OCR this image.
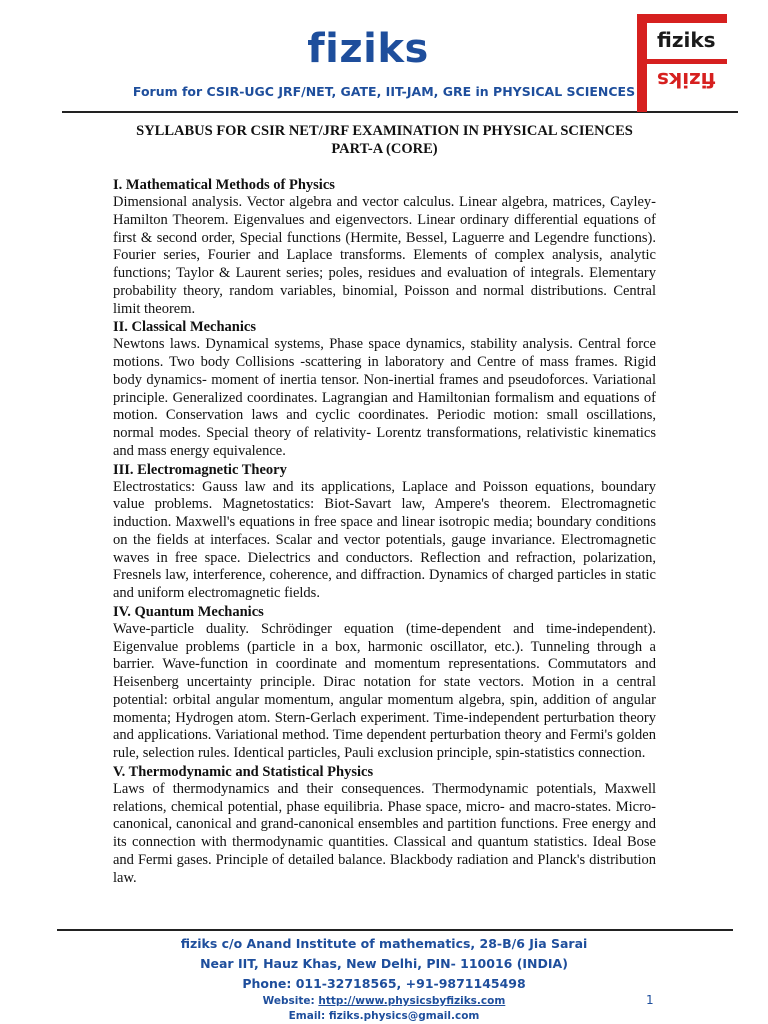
fiziks
Forum for CSIR-UGC JRF/NET, GATE, IIT-JAM, GRE in PHYSICAL SCIENCES
fiziks
fiziks

SYLLABUS FOR CSIR NET/JRF EXAMINATION IN PHYSICAL SCIENCES

PART-A (CORE)

I. Mathematical Methods of Physics

Dimensional analysis. Vector algebra and vector calculus. Linear algebra, matrices, Cayley-Hamilton Theorem. Eigenvalues and eigenvectors. Linear ordinary differential equations of first & second order, Special functions (Hermite, Bessel, Laguerre and Legendre functions). Fourier series, Fourier and Laplace transforms. Elements of complex analysis, analytic functions; Taylor & Laurent series; poles, residues and evaluation of integrals. Elementary probability theory, random variables, binomial, Poisson and normal distributions. Central limit theorem.

II. Classical Mechanics

Newtons laws. Dynamical systems, Phase space dynamics, stability analysis. Central force motions. Two body Collisions -scattering in laboratory and Centre of mass frames. Rigid body dynamics- moment of inertia tensor. Non-inertial frames and pseudoforces. Variational principle. Generalized coordinates. Lagrangian and Hamiltonian formalism and equations of motion. Conservation laws and cyclic coordinates. Periodic motion: small oscillations, normal modes. Special theory of relativity- Lorentz transformations, relativistic kinematics and mass energy equivalence.

III. Electromagnetic Theory

Electrostatics: Gauss law and its applications, Laplace and Poisson equations, boundary value problems. Magnetostatics: Biot-Savart law, Ampere's theorem. Electromagnetic induction. Maxwell's equations in free space and linear isotropic media; boundary conditions on the fields at interfaces. Scalar and vector potentials, gauge invariance. Electromagnetic waves in free space. Dielectrics and conductors. Reflection and refraction, polarization, Fresnels law, interference, coherence, and diffraction. Dynamics of charged particles in static and uniform electromagnetic fields.

IV. Quantum Mechanics

Wave-particle duality. Schrödinger equation (time-dependent and time-independent). Eigenvalue problems (particle in a box, harmonic oscillator, etc.). Tunneling through a barrier. Wave-function in coordinate and momentum representations. Commutators and Heisenberg uncertainty principle. Dirac notation for state vectors. Motion in a central potential: orbital angular momentum, angular momentum algebra, spin, addition of angular momenta; Hydrogen atom. Stern-Gerlach experiment. Time-independent perturbation theory and applications. Variational method. Time dependent perturbation theory and Fermi's golden rule, selection rules. Identical particles, Pauli exclusion principle, spin-statistics connection.

V. Thermodynamic and Statistical Physics

Laws of thermodynamics and their consequences. Thermodynamic potentials, Maxwell relations, chemical potential, phase equilibria. Phase space, micro- and macro-states. Micro-canonical, canonical and grand-canonical ensembles and partition functions. Free energy and its connection with thermodynamic quantities. Classical and quantum statistics. Ideal Bose and Fermi gases. Principle of detailed balance. Blackbody radiation and Planck's distribution law.

fiziks c/o Anand Institute of mathematics, 28-B/6 Jia Sarai

Near IIT, Hauz Khas, New Delhi, PIN- 110016 (INDIA)

Phone: 011-32718565, +91-9871145498

Website: http://www.physicsbyfiziks.com

Email: fiziks.physics@gmail.com

1
